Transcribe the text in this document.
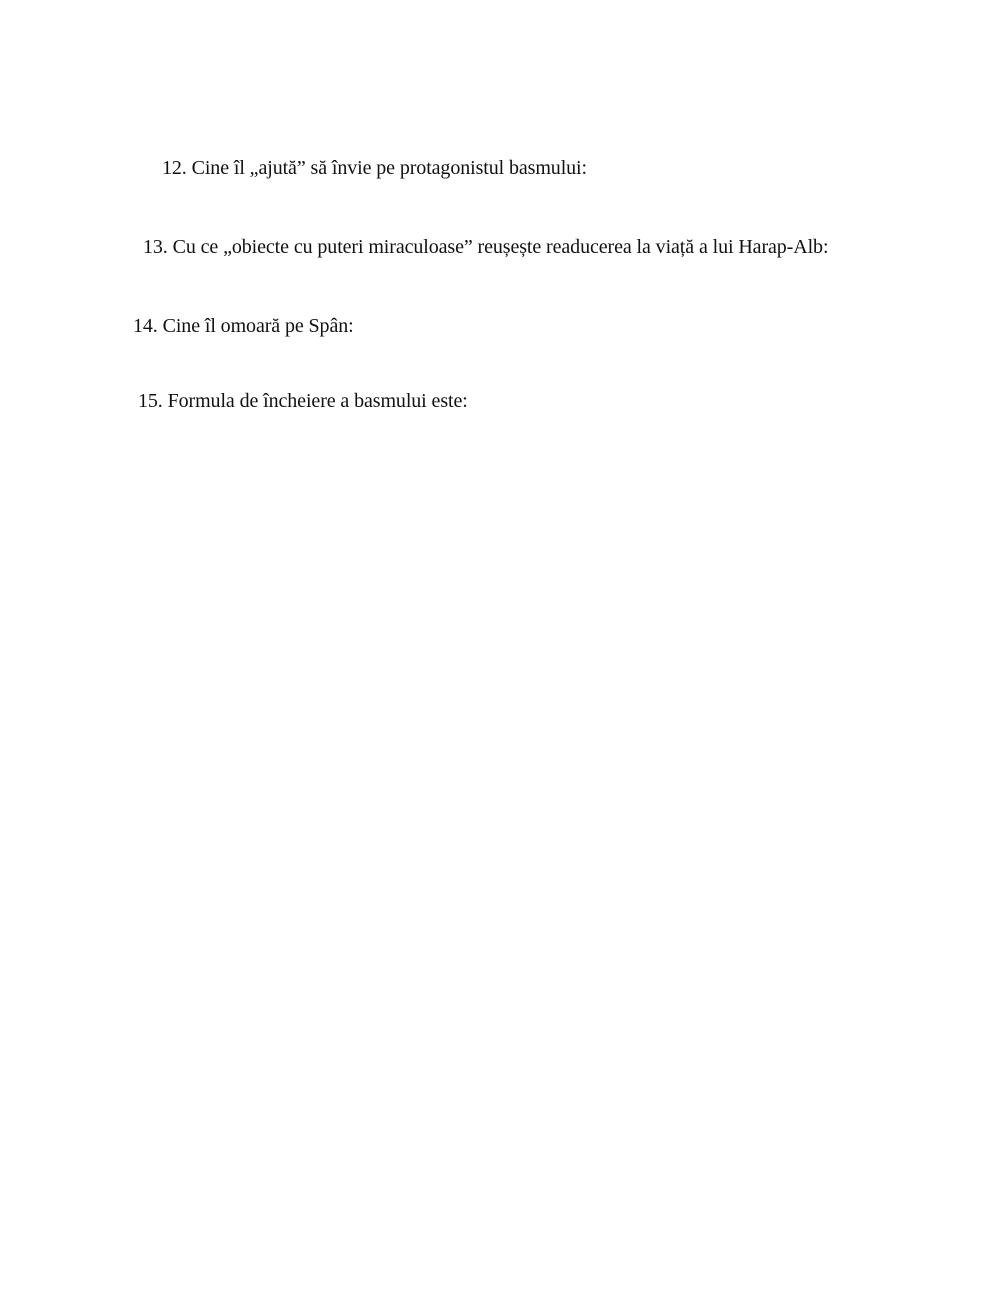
12. Cine îl „ajută” să învie pe protagonistul basmului:
13. Cu ce „obiecte cu puteri miraculoase” reușește readucerea la viață a lui Harap-Alb:
14. Cine îl omoară pe Spân:
15. Formula de încheiere a basmului este:
